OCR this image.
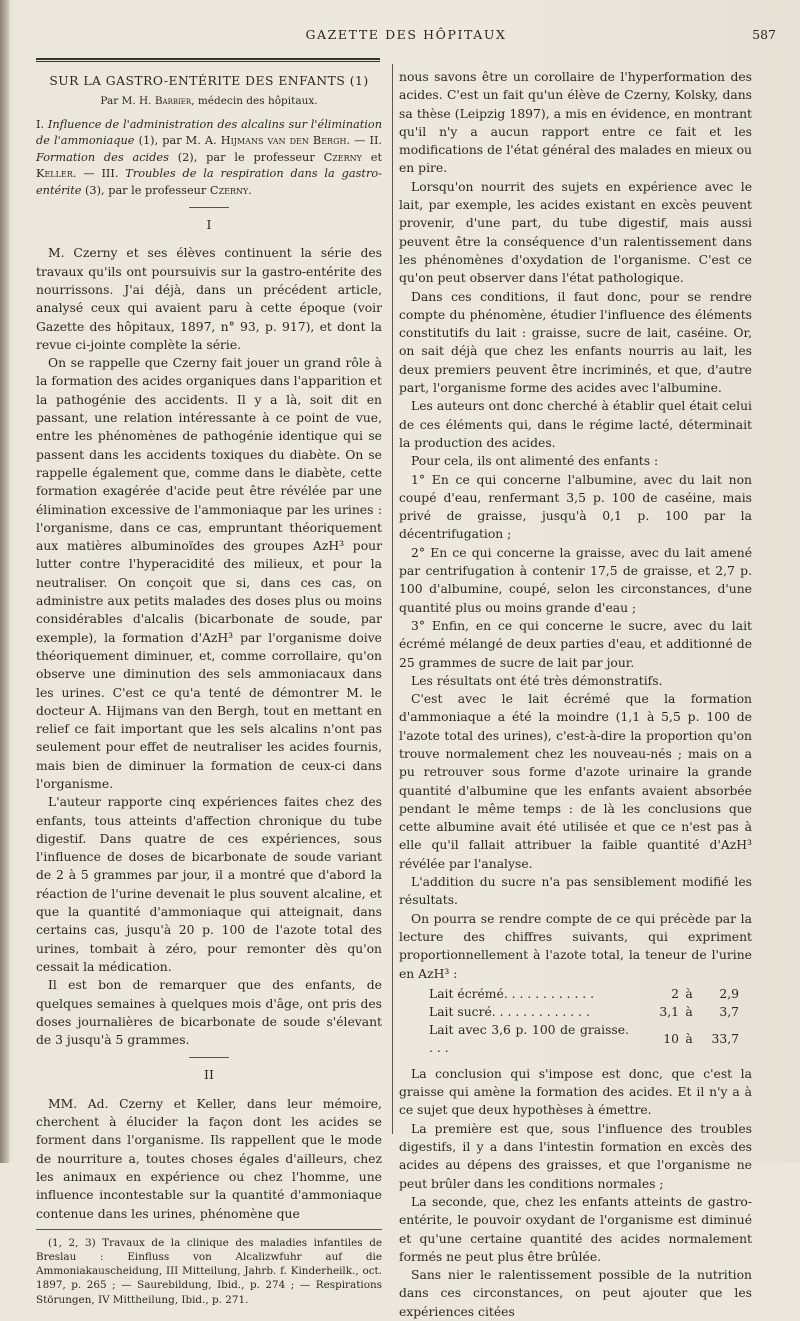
GAZETTE DES HÔPITAUX	587
SUR LA GASTRO-ENTÉRITE DES ENFANTS (1)
Par M. H. Barbier, médecin des hôpitaux.

I. Influence de l'administration des alcalins sur l'élimination de l'ammoniaque (1), par M. A. Hijmans van den Bergh. — II. Formation des acides (2), par le professeur Czerny et Keller. — III. Troubles de la respiration dans la gastro-entérite (3), par le professeur Czerny.

I

M. Czerny et ses élèves continuent la série des travaux qu'ils ont poursuivis sur la gastro-entérite des nourrissons. J'ai déjà, dans un précédent article, analysé ceux qui avaient paru à cette époque (voir Gazette des hôpitaux, 1897, n° 93, p. 917), et dont la revue ci-jointe complète la série.

On se rappelle que Czerny fait jouer un grand rôle à la formation des acides organiques dans l'apparition et la pathogénie des accidents. Il y a là, soit dit en passant, une relation intéressante à ce point de vue, entre les phénomènes de pathogénie identique qui se passent dans les accidents toxiques du diabète. On se rappelle également que, comme dans le diabète, cette formation exagérée d'acide peut être révélée par une élimination excessive de l'ammoniaque par les urines : l'organisme, dans ce cas, empruntant théoriquement aux matières albuminoïdes des groupes AzH³ pour lutter contre l'hyperacidité des milieux, et pour la neutraliser. On conçoit que si, dans ces cas, on administre aux petits malades des doses plus ou moins considérables d'alcalis (bicarbonate de soude, par exemple), la formation d'AzH³ par l'organisme doive théoriquement diminuer, et, comme corrollaire, qu'on observe une diminution des sels ammoniacaux dans les urines. C'est ce qu'a tenté de démontrer M. le docteur A. Hijmans van den Bergh, tout en mettant en relief ce fait important que les sels alcalins n'ont pas seulement pour effet de neutraliser les acides fournis, mais bien de diminuer la formation de ceux-ci dans l'organisme.

L'auteur rapporte cinq expériences faites chez des enfants, tous atteints d'affection chronique du tube digestif. Dans quatre de ces expériences, sous l'influence de doses de bicarbonate de soude variant de 2 à 5 grammes par jour, il a montré que d'abord la réaction de l'urine devenait le plus souvent alcaline, et que la quantité d'ammoniaque qui atteignait, dans certains cas, jusqu'à 20 p. 100 de l'azote total des urines, tombait à zéro, pour remonter dès qu'on cessait la médication.

Il est bon de remarquer que des enfants, de quelques semaines à quelques mois d'âge, ont pris des doses journalières de bicarbonate de soude s'élevant de 3 jusqu'à 5 grammes.

II

MM. Ad. Czerny et Keller, dans leur mémoire, cherchent à élucider la façon dont les acides se forment dans l'organisme. Ils rappellent que le mode de nourriture a, toutes choses égales d'ailleurs, chez les animaux en expérience ou chez l'homme, une influence incontestable sur la quantité d'ammoniaque contenue dans les urines, phénomène que

(1, 2, 3) Travaux de la clinique des maladies infantiles de Breslau : Einfluss von Alcalizwfuhr auf die Ammoniakauscheidung, III Mitteilung, Jahrb. f. Kinderheilk., oct. 1897, p. 265 ; — Saurebildung, Ibid., p. 274 ; — Respirations Störungen, IV Mittheilung, Ibid., p. 271.

nous savons être un corollaire de l'hyperformation des acides. C'est un fait qu'un élève de Czerny, Kolsky, dans sa thèse (Leipzig 1897), a mis en évidence, en montrant qu'il n'y a aucun rapport entre ce fait et les modifications de l'état général des malades en mieux ou en pire.

Lorsqu'on nourrit des sujets en expérience avec le lait, par exemple, les acides existant en excès peuvent provenir, d'une part, du tube digestif, mais aussi peuvent être la conséquence d'un ralentissement dans les phénomènes d'oxydation de l'organisme. C'est ce qu'on peut observer dans l'état pathologique.

Dans ces conditions, il faut donc, pour se rendre compte du phénomène, étudier l'influence des éléments constitutifs du lait : graisse, sucre de lait, caséine. Or, on sait déjà que chez les enfants nourris au lait, les deux premiers peuvent être incriminés, et que, d'autre part, l'organisme forme des acides avec l'albumine.

Les auteurs ont donc cherché à établir quel était celui de ces éléments qui, dans le régime lacté, déterminait la production des acides.

Pour cela, ils ont alimenté des enfants :

1° En ce qui concerne l'albumine, avec du lait non coupé d'eau, renfermant 3,5 p. 100 de caséine, mais privé de graisse, jusqu'à 0,1 p. 100 par la décentrifugation ;

2° En ce qui concerne la graisse, avec du lait amené par centrifugation à contenir 17,5 de graisse, et 2,7 p. 100 d'albumine, coupé, selon les circonstances, d'une quantité plus ou moins grande d'eau ;

3° Enfin, en ce qui concerne le sucre, avec du lait écrémé mélangé de deux parties d'eau, et additionné de 25 grammes de sucre de lait par jour.

Les résultats ont été très démonstratifs.

C'est avec le lait écrémé que la formation d'ammoniaque a été la moindre (1,1 à 5,5 p. 100 de l'azote total des urines), c'est-à-dire la proportion qu'on trouve normalement chez les nouveau-nés ; mais on a pu retrouver sous forme d'azote urinaire la grande quantité d'albumine que les enfants avaient absorbée pendant le même temps : de là les conclusions que cette albumine avait été utilisée et que ce n'est pas à elle qu'il fallait attribuer la faible quantité d'AzH³ révélée par l'analyse.

L'addition du sucre n'a pas sensiblement modifié les résultats.

On pourra se rendre compte de ce qui précède par la lecture des chiffres suivants, qui expriment proportionnellement à l'azote total, la teneur de l'urine en AzH³ :

Lait écrémé. . . . . . . . . . . .	2	à	2,9
Lait sucré. . . . . . . . . . . . .	3,1	à	3,7
Lait avec 3,6 p. 100 de graisse. . . .	10	à	33,7

La conclusion qui s'impose est donc, que c'est la graisse qui amène la formation des acides. Et il n'y a à ce sujet que deux hypothèses à émettre.

La première est que, sous l'influence des troubles digestifs, il y a dans l'intestin formation en excès des acides au dépens des graisses, et que l'organisme ne peut brûler dans les conditions normales ;

La seconde, que, chez les enfants atteints de gastro-entérite, le pouvoir oxydant de l'organisme est diminué et qu'une certaine quantité des acides normalement formés ne peut plus être brûlée.

Sans nier le ralentissement possible de la nutrition dans ces circonstances, on peut ajouter que les expériences citées
